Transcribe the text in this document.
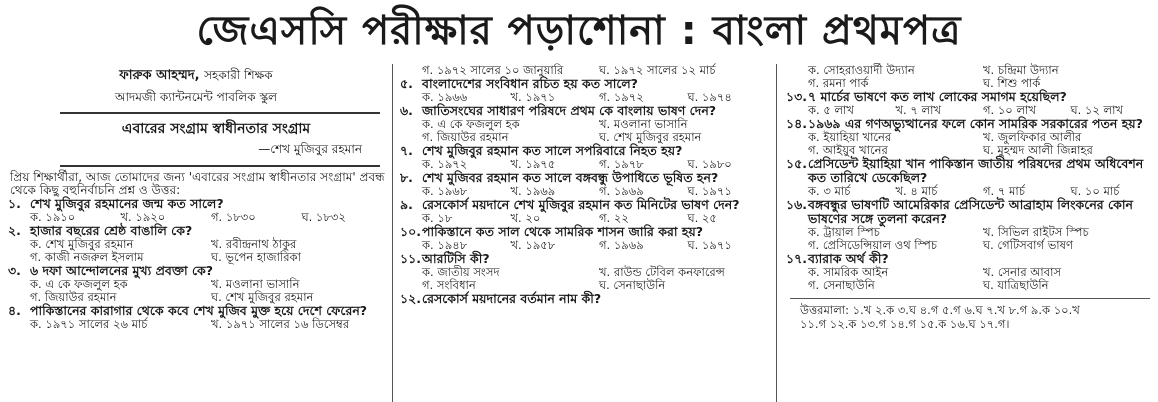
জেএসসি পরীক্ষার পড়াশোনা : বাংলা প্রথমপত্র
ফারুক আহম্মদ, সহকারী শিক্ষক
আদমজী ক্যান্টনমেন্ট পাবলিক স্কুল
এবারের সংগ্রাম স্বাধীনতার সংগ্রাম
—শেখ মুজিবুর রহমান
প্রিয় শিক্ষার্থীরা, আজ তোমাদের জন্য 'এবারের সংগ্রাম স্বাধীনতার সংগ্রাম' প্রবন্ধ থেকে কিছু বহুনির্বাচনি প্রশ্ন ও উত্তর:
১. শেখ মুজিবুর রহমানের জন্ম কত সালে?
ক. ১৯১০	খ. ১৯২০	গ. ১৮৩০	ঘ. ১৮৩২
২. হাজার বছরের শ্রেষ্ঠ বাঙালি কে?
ক. শেখ মুজিবুর রহমান	খ. রবীন্দ্রনাথ ঠাকুর
গ. কাজী নজরুল ইসলাম	ঘ. ভূপেন হাজারিকা
৩. ৬ দফা আন্দোলনের মুখ্য প্রবক্তা কে?
ক. এ কে ফজলুল হক	খ. মওলানা ভাসানি
গ. জিয়াউর রহমান	ঘ. শেখ মুজিবুর রহমান
৪. পাকিস্তানের কারাগার থেকে কবে শেখ মুজিব মুক্ত হয়ে দেশে ফেরেন?
ক. ১৯৭১ সালের ২৬ মার্চ	খ. ১৯৭১ সালের ১৬ ডিসেম্বর
গ. ১৯৭২ সালের ১০ জানুয়ারি	ঘ. ১৯৭২ সালের ১২ মার্চ
৫. বাংলাদেশের সংবিধান রচিত হয় কত সালে?
ক. ১৯৬৬	খ. ১৯৭১	গ. ১৯৭২	ঘ. ১৯৭৪
৬. জাতিসংঘের সাধারণ পরিষদে প্রথম কে বাংলায় ভাষণ দেন?
ক. এ কে ফজলুল হক	খ. মওলানা ভাসানি
গ. জিয়াউর রহমান	ঘ. শেখ মুজিবুর রহমান
৭. শেখ মুজিবুর রহমান কত সালে সপরিবারে নিহত হয়?
ক. ১৯৭২	খ. ১৯৭৫	গ. ১৯৭৮	ঘ. ১৯৮০
৮. শেখ মুজিবর রহমান কত সালে বঙ্গবন্ধু উপাধিতে ভূষিত হন?
ক. ১৯৬৮	খ. ১৯৬৯	গ. ১৯৬৯	ঘ. ১৯৭১
৯. রেসকোর্স ময়দানে শেখ মুজিবুর রহমান কত মিনিটের ভাষণ দেন?
ক. ১৮	খ. ২০	গ. ২২	ঘ. ২৫
১০. পাকিস্তানে কত সাল থেকে সামরিক শাসন জারি করা হয়?
ক. ১৯৪৮	খ. ১৯৫৮	গ. ১৯৬৯	ঘ. ১৯৭১
১১. আরটিসি কী?
ক. জাতীয় সংসদ	খ. রাউন্ড টেবিল কনফারেন্স
গ. সংবিধান	ঘ. সেনাছাউনি
১২. রেসকোর্স ময়দানের বর্তমান নাম কী?
ক. সোহরাওয়ার্দী উদ্যান	খ. চন্দ্রিমা উদ্যান
গ. রমনা পার্ক	ঘ. শিশু পার্ক
১৩. ৭ মার্চের ভাষণে কত লাখ লোকের সমাগম হয়েছিল?
ক. ৫ লাখ	খ. ৭ লাখ	গ. ১০ লাখ	ঘ. ১২ লাখ
১৪. ১৯৬৯ এর গণঅভ্যুত্থানের ফলে কোন সামরিক সরকারের পতন হয়?
ক. ইয়াহিয়া খানের	খ. জুলফিকার আলীর
গ. আইয়ুব খানের	ঘ. মুহম্মদ আলী জিন্নাহর
১৫. প্রেসিডেন্ট ইয়াহিয়া খান পাকিস্তান জাতীয় পরিষদের প্রথম অধিবেশন কত তারিখে ডেকেছিল?
ক. ৩ মার্চ	খ. ৪ মার্চ	গ. ৭ মার্চ	ঘ. ১০ মার্চ
১৬. বঙ্গবন্ধুর ভাষণটি আমেরিকার প্রেসিডেন্ট আব্রাহাম লিংকনের কোন ভাষণের সঙ্গে তুলনা করেন?
ক. ট্রায়াল স্পিচ	খ. সিভিল রাইটস স্পিচ
গ. প্রেসিডেন্সিয়াল ওথ স্পিচ	ঘ. গেটিসবার্গ ভাষণ
১৭. ব্যারাক অর্থ কী?
ক. সামরিক আইন	খ. সেনার আবাস
গ. সেনাছাউনি	ঘ. যাত্রিছাউনি
উত্তরমালা: ১.খ ২.ক ৩.ঘ ৪.গ ৫.গ ৬.ঘ ৭.খ ৮.গ ৯.ক ১০.খ
১১.গ ১২.ক ১৩.গ ১৪.গ ১৫.ক ১৬.ঘ ১৭.গ।
